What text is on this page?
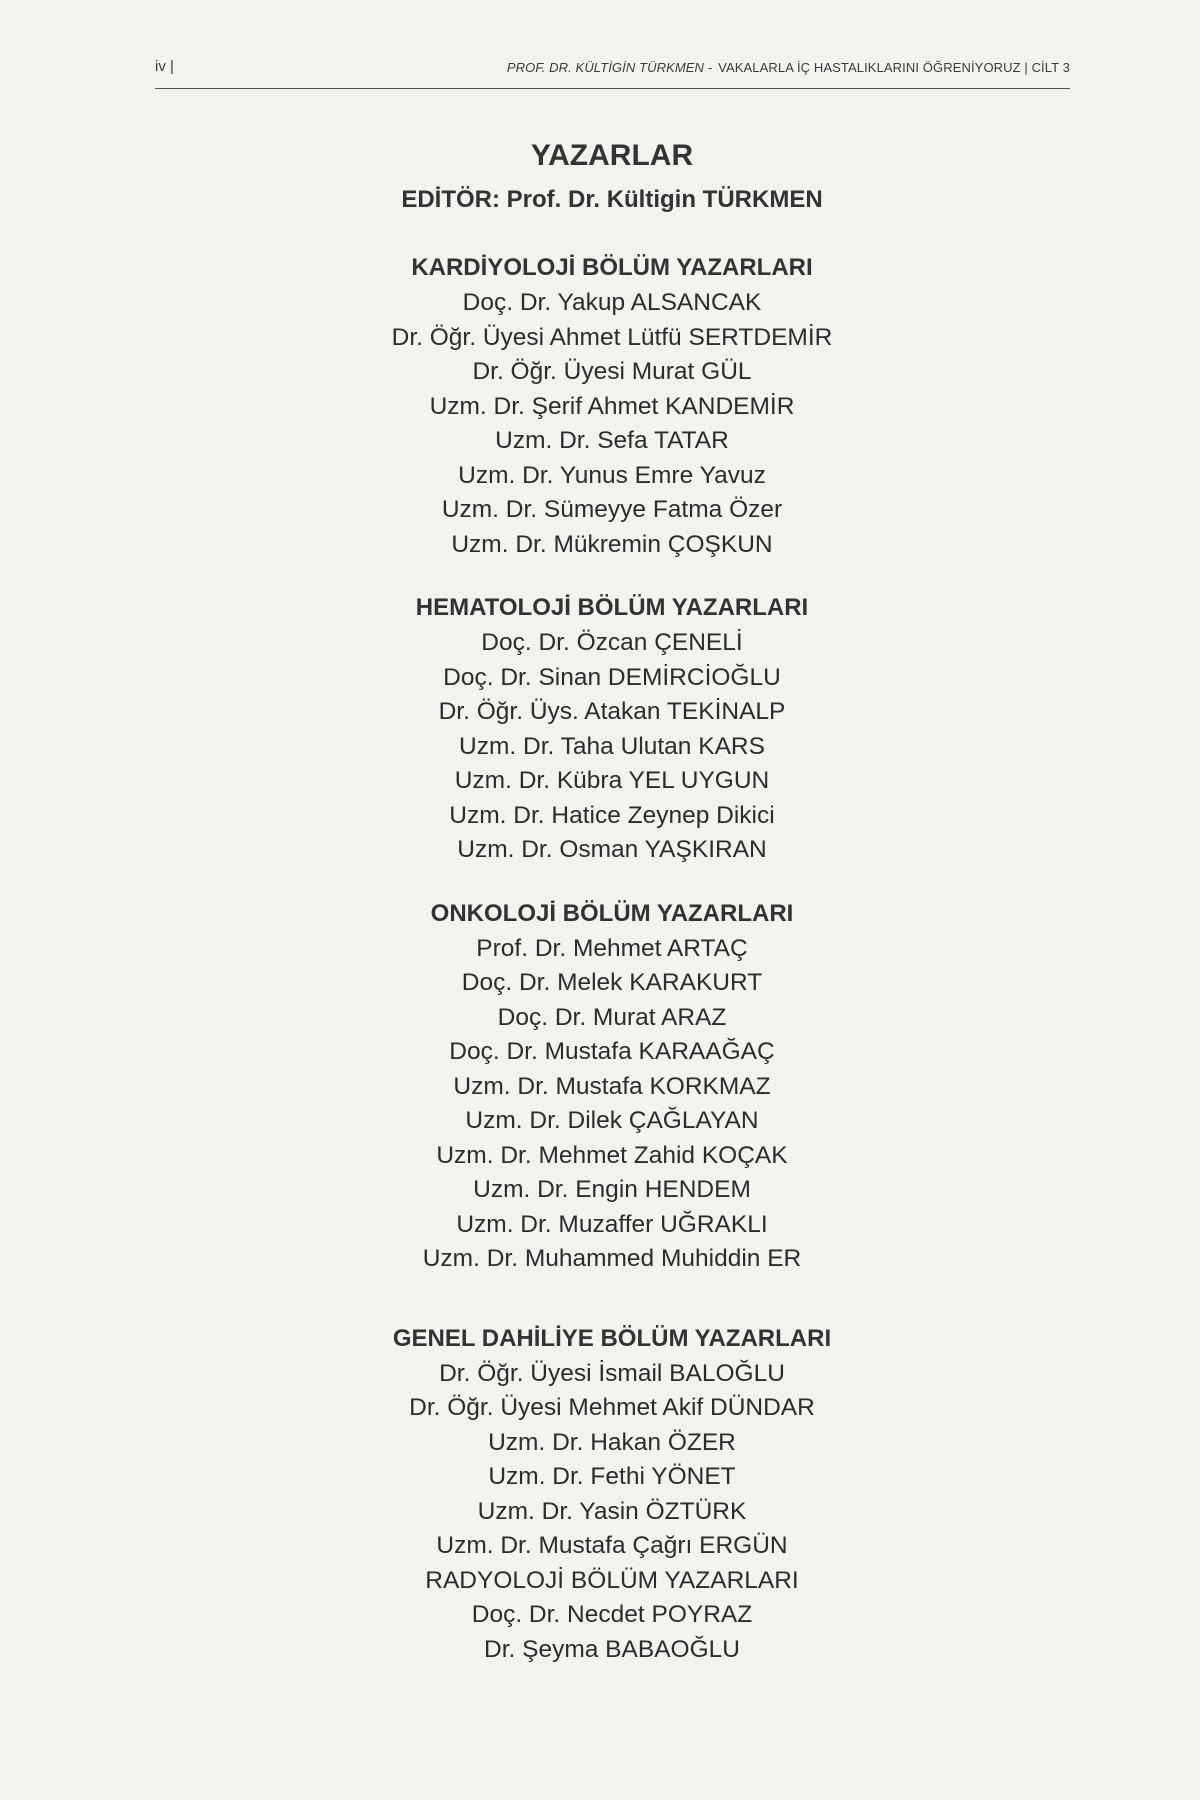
iv |	PROF. DR. KÜLTİGİN TÜRKMEN - VAKALARLA İÇ HASTALIKLARINI ÖĞRENİYORUZ | CİLT 3
YAZARLAR
EDİTÖR: Prof. Dr. Kültigin TÜRKMEN
KARDİYOLOJİ BÖLÜM YAZARLARI
Doç. Dr. Yakup ALSANCAK
Dr. Öğr. Üyesi Ahmet Lütfü SERTDEMİR
Dr. Öğr. Üyesi Murat GÜL
Uzm. Dr. Şerif Ahmet KANDEMİR
Uzm. Dr. Sefa TATAR
Uzm. Dr. Yunus Emre Yavuz
Uzm. Dr. Sümeyye Fatma Özer
Uzm. Dr. Mükremin ÇOŞKUN
HEMATOLOJİ BÖLÜM YAZARLARI
Doç. Dr. Özcan ÇENELİ
Doç. Dr. Sinan DEMİRCİOĞLU
Dr. Öğr. Üys. Atakan TEKİNALP
Uzm. Dr. Taha Ulutan KARS
Uzm. Dr. Kübra YEL UYGUN
Uzm. Dr. Hatice Zeynep Dikici
Uzm. Dr. Osman YAŞKIRAN
ONKOLOJİ BÖLÜM YAZARLARI
Prof. Dr. Mehmet ARTAÇ
Doç. Dr. Melek KARAKURT
Doç. Dr. Murat ARAZ
Doç. Dr. Mustafa KARAAĞAÇ
Uzm. Dr. Mustafa KORKMAZ
Uzm. Dr. Dilek ÇAĞLAYAN
Uzm. Dr. Mehmet Zahid KOÇAK
Uzm. Dr. Engin HENDEM
Uzm. Dr. Muzaffer UĞRAKLI
Uzm. Dr. Muhammed Muhiddin ER
GENEL DAHİLİYE BÖLÜM YAZARLARI
Dr. Öğr. Üyesi İsmail BALOĞLU
Dr. Öğr. Üyesi Mehmet Akif DÜNDAR
Uzm. Dr. Hakan ÖZER
Uzm. Dr. Fethi YÖNET
Uzm. Dr. Yasin ÖZTÜRK
Uzm. Dr. Mustafa Çağrı ERGÜN
RADYOLOJİ BÖLÜM YAZARLARI
Doç. Dr. Necdet POYRAZ
Dr. Şeyma BABAOĞLU
